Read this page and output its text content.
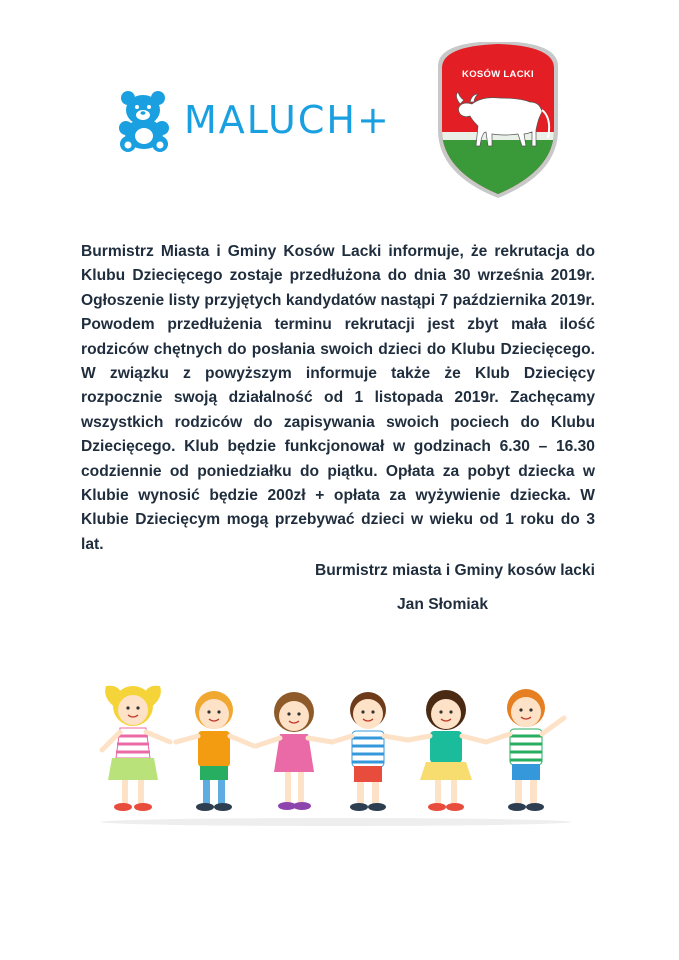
MALUCH+
KOSÓW LACKI

Burmistrz Miasta i Gminy Kosów Lacki informuje, że rekrutacja do Klubu Dziecięcego zostaje przedłużona do dnia 30 września 2019r. Ogłoszenie listy przyjętych kandydatów nastąpi 7 października 2019r. Powodem przedłużenia terminu rekrutacji jest zbyt mała ilość rodziców chętnych do posłania swoich dzieci do Klubu Dziecięcego. W związku z powyższym informuje także że Klub Dziecięcy rozpocznie swoją działalność od 1 listopada 2019r. Zachęcamy wszystkich rodziców do zapisywania swoich pociech do Klubu Dziecięcego. Klub będzie funkcjonował w godzinach 6.30 – 16.30 codziennie od poniedziałku do piątku. Opłata za pobyt dziecka w Klubie wynosić będzie 200zł + opłata za wyżywienie dziecka. W Klubie Dziecięcym mogą przebywać dzieci w wieku od 1 roku do 3 lat.

Burmistrz miasta i Gminy kosów lacki
Jan Słomiak
